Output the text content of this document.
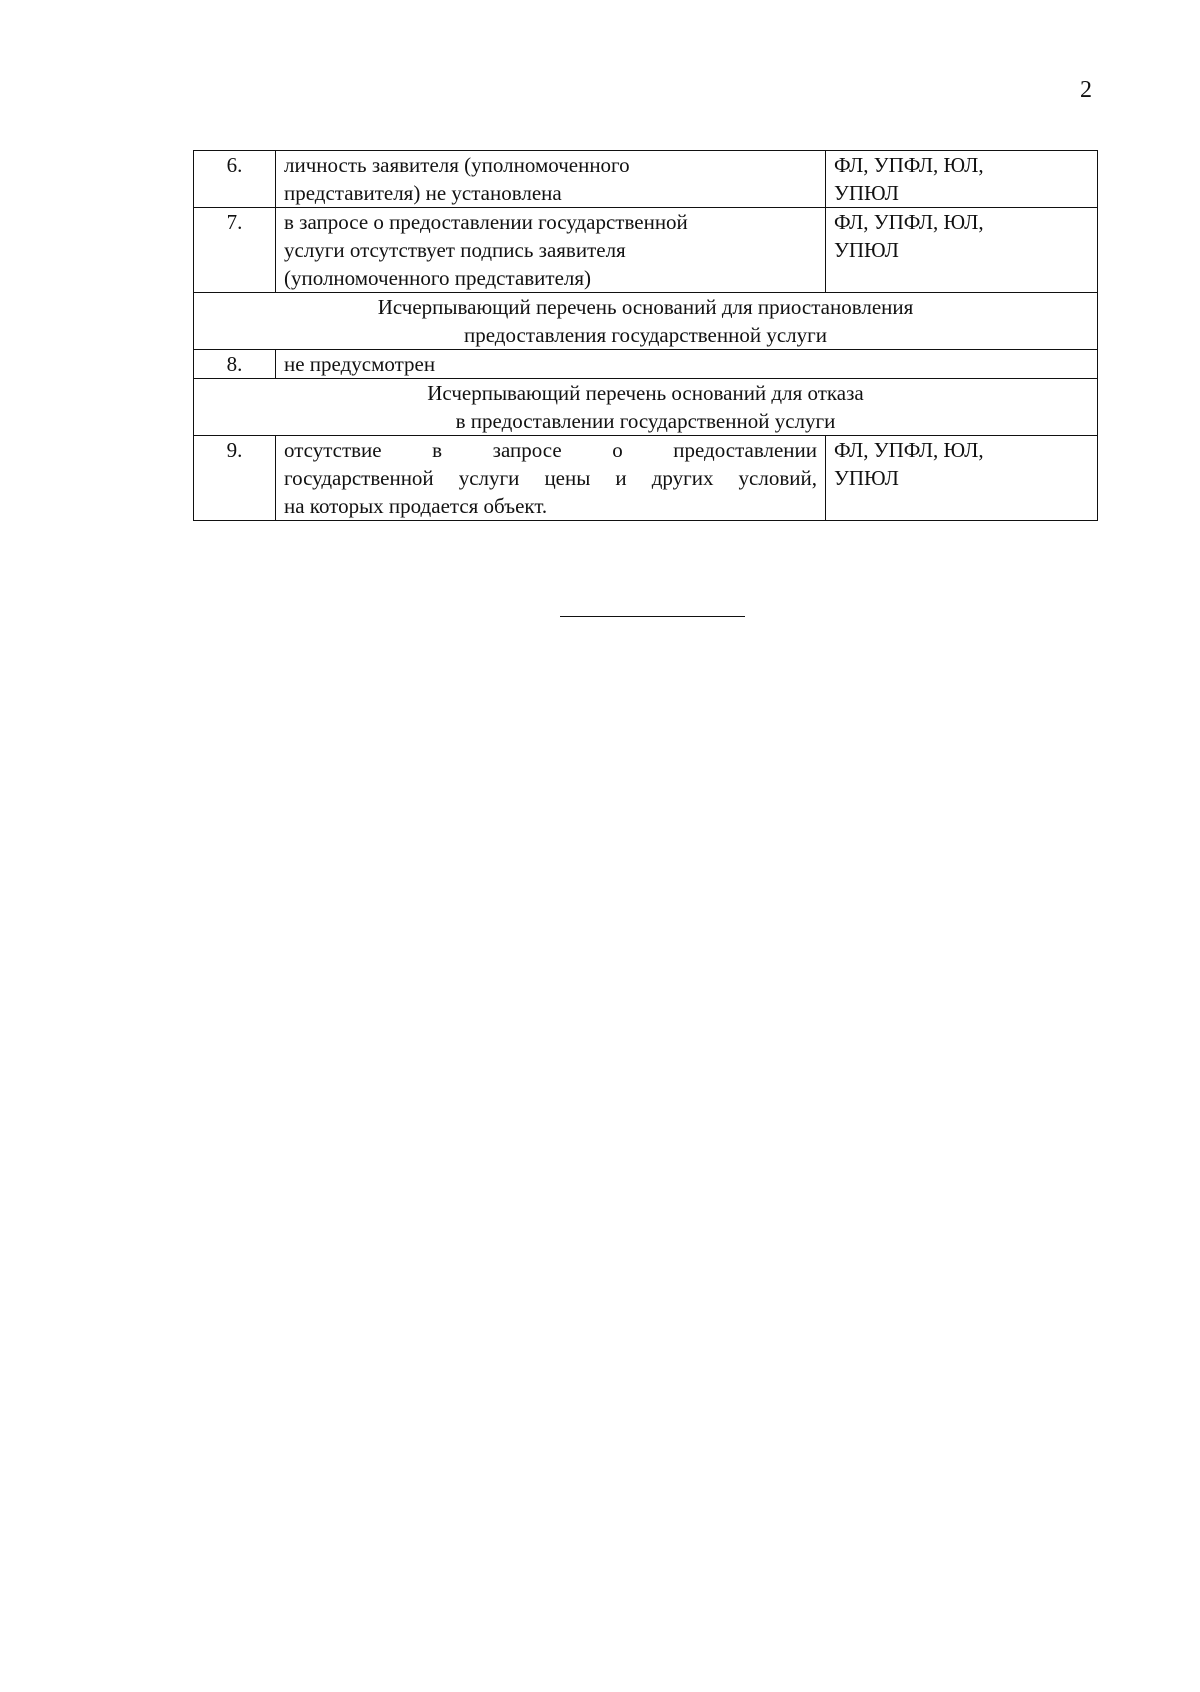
2
6.	личность заявителя (уполномоченного
представителя) не установлена	ФЛ, УПФЛ, ЮЛ,
УПЮЛ

7.	в запросе о предоставлении государственной
услуги отсутствует подпись заявителя
(уполномоченного представителя)	ФЛ, УПФЛ, ЮЛ,
УПЮЛ

Исчерпывающий перечень оснований для приостановления
предоставления государственной услуги		

8.	не предусмотрен	

Исчерпывающий перечень оснований для отказа
в предоставлении государственной услуги		

9.	отсутствие в запросе о предоставлении
государственной услуги цены и других условий,
на которых продается объект.	ФЛ, УПФЛ, ЮЛ,
УПЮЛ
